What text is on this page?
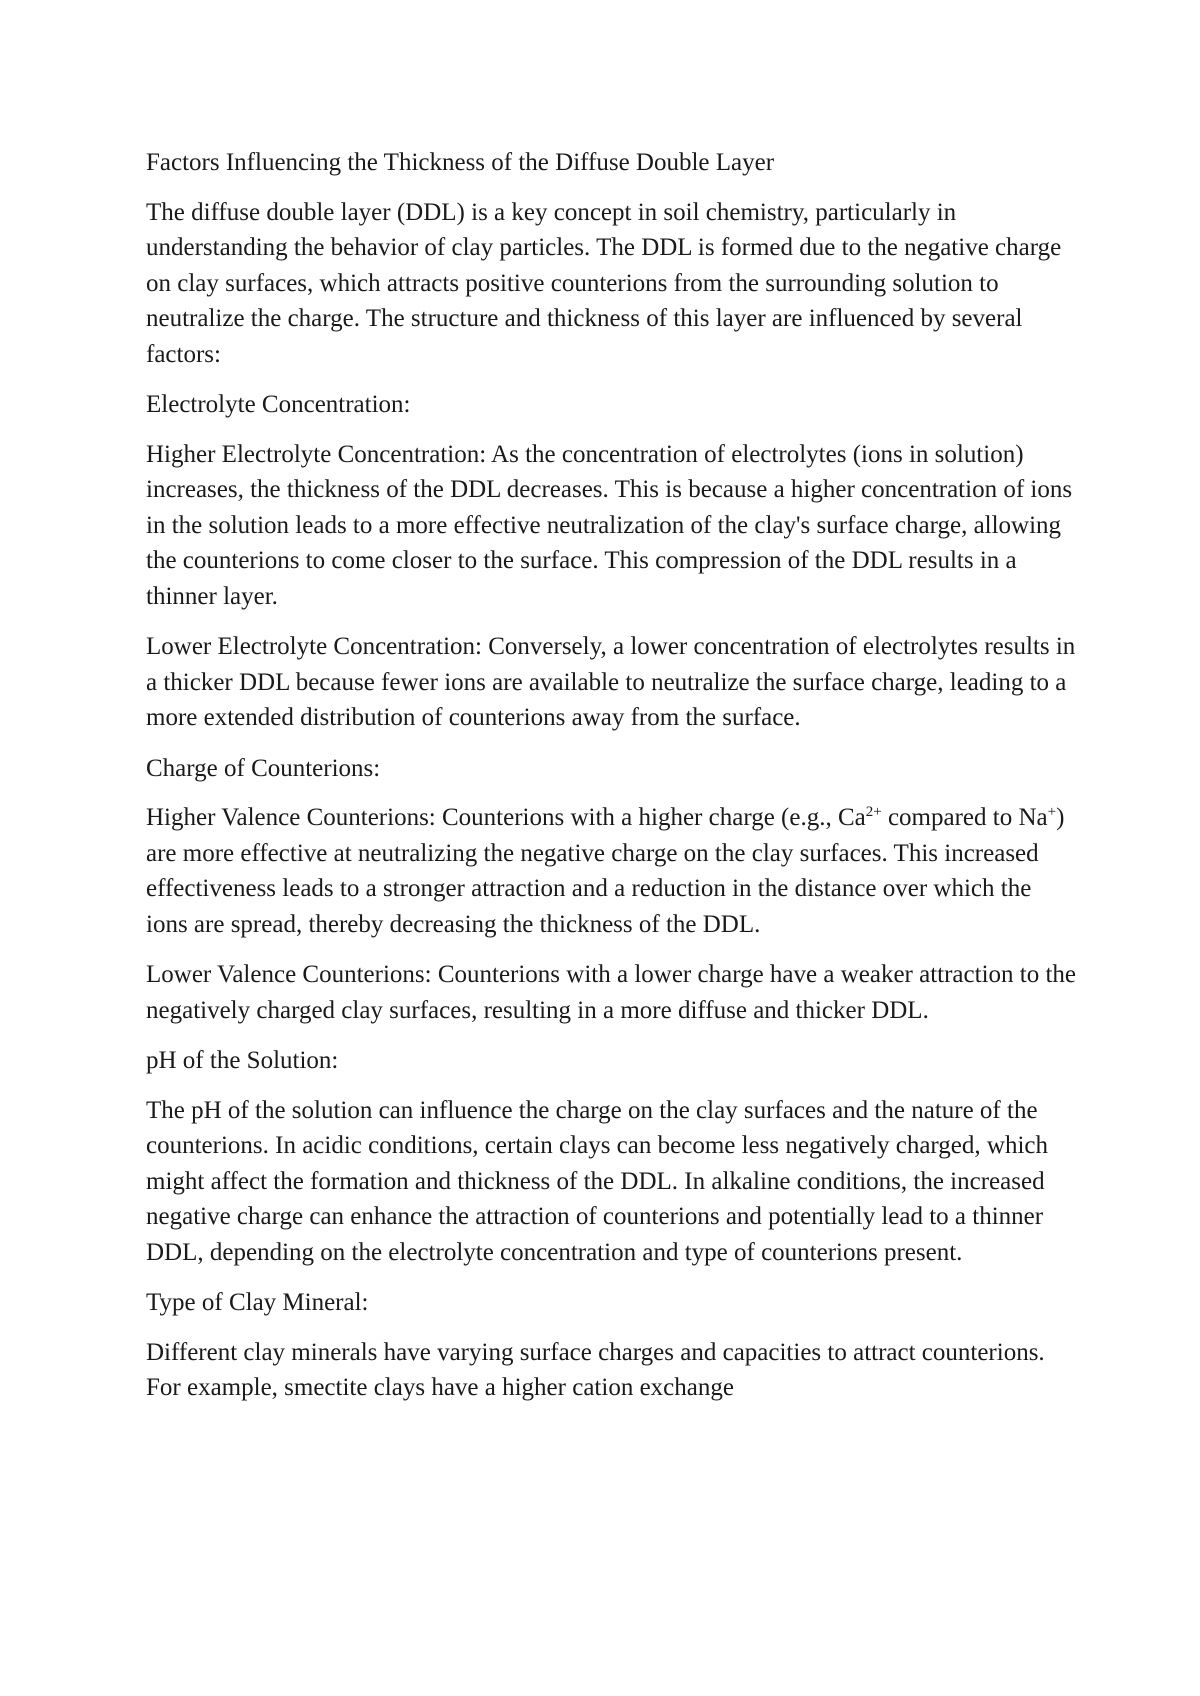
Factors Influencing the Thickness of the Diffuse Double Layer

The diffuse double layer (DDL) is a key concept in soil chemistry, particularly in understanding the behavior of clay particles. The DDL is formed due to the negative charge on clay surfaces, which attracts positive counterions from the surrounding solution to neutralize the charge. The structure and thickness of this layer are influenced by several factors:

Electrolyte Concentration:

Higher Electrolyte Concentration: As the concentration of electrolytes (ions in solution) increases, the thickness of the DDL decreases. This is because a higher concentration of ions in the solution leads to a more effective neutralization of the clay's surface charge, allowing the counterions to come closer to the surface. This compression of the DDL results in a thinner layer.

Lower Electrolyte Concentration: Conversely, a lower concentration of electrolytes results in a thicker DDL because fewer ions are available to neutralize the surface charge, leading to a more extended distribution of counterions away from the surface.

Charge of Counterions:

Higher Valence Counterions: Counterions with a higher charge (e.g., $Ca^{2+}$ compared to Na+) are more effective at neutralizing the negative charge on the clay surfaces. This increased effectiveness leads to a stronger attraction and a reduction in the distance over which the ions are spread, thereby decreasing the thickness of the DDL.

Lower Valence Counterions: Counterions with a lower charge have a weaker attraction to the negatively charged clay surfaces, resulting in a more diffuse and thicker DDL.

pH of the Solution:

The pH of the solution can influence the charge on the clay surfaces and the nature of the counterions. In acidic conditions, certain clays can become less negatively charged, which might affect the formation and thickness of the DDL. In alkaline conditions, the increased negative charge can enhance the attraction of counterions and potentially lead to a thinner DDL, depending on the electrolyte concentration and type of counterions present.

Type of Clay Mineral:

Different clay minerals have varying surface charges and capacities to attract counterions. For example, smectite clays have a higher cation exchange
